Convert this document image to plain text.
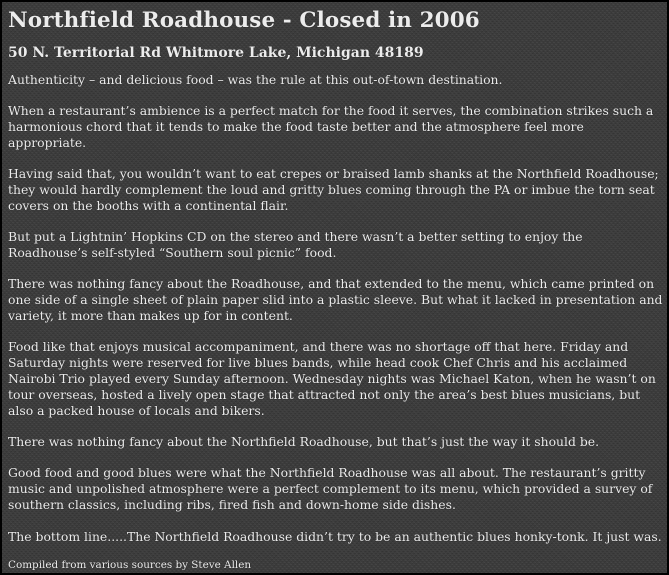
Northfield Roadhouse - Closed in 2006
50 N. Territorial Rd Whitmore Lake, Michigan 48189

Authenticity – and delicious food – was the rule at this out-of-town destination.

When a restaurant’s ambience is a perfect match for the food it serves, the combination strikes such a harmonious chord that it tends to make the food taste better and the atmosphere feel more appropriate.

Having said that, you wouldn’t want to eat crepes or braised lamb shanks at the Northfield Roadhouse; they would hardly complement the loud and gritty blues coming through the PA or imbue the torn seat covers on the booths with a continental flair.

But put a Lightnin’ Hopkins CD on the stereo and there wasn’t a better setting to enjoy the Roadhouse’s self-styled “Southern soul picnic” food.

There was nothing fancy about the Roadhouse, and that extended to the menu, which came printed on one side of a single sheet of plain paper slid into a plastic sleeve. But what it lacked in presentation and variety, it more than makes up for in content.

Food like that enjoys musical accompaniment, and there was no shortage off that here. Friday and Saturday nights were reserved for live blues bands, while head cook Chef Chris and his acclaimed Nairobi Trio played every Sunday afternoon. Wednesday nights was Michael Katon, when he wasn’t on tour overseas, hosted a lively open stage that attracted not only the area’s best blues musicians, but also a packed house of locals and bikers.

There was nothing fancy about the Northfield Roadhouse, but that’s just the way it should be.

Good food and good blues were what the Northfield Roadhouse was all about. The restaurant’s gritty music and unpolished atmosphere were a perfect complement to its menu, which provided a survey of southern classics, including ribs, fired fish and down-home side dishes.

The bottom line.....The Northfield Roadhouse didn’t try to be an authentic blues honky-tonk. It just was.

Compiled from various sources by Steve Allen
